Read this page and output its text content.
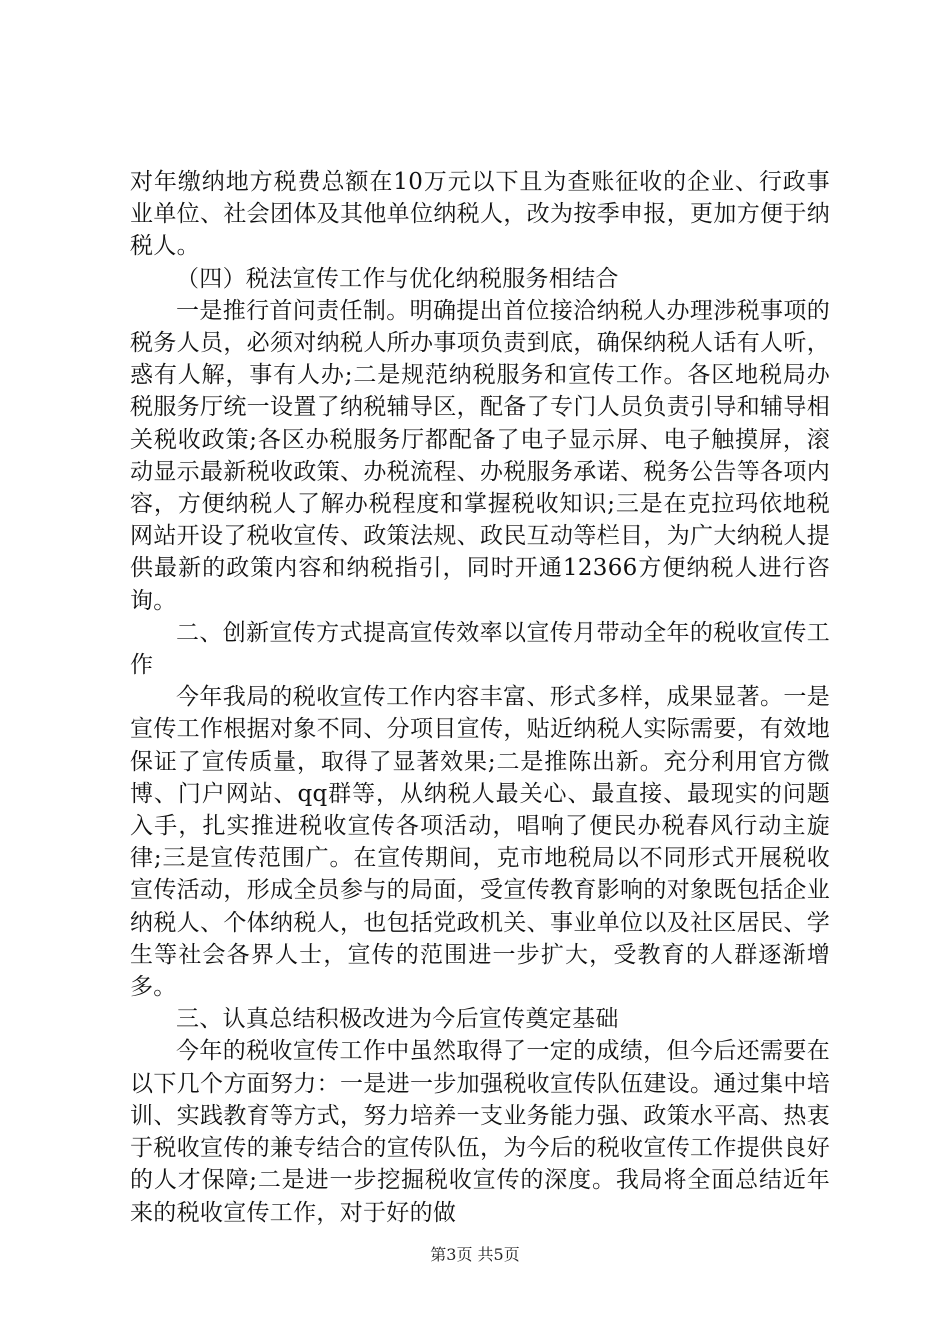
对年缴纳地方税费总额在10万元以下且为查账征收的企业、行政事业单位、社会团体及其他单位纳税人，改为按季申报，更加方便于纳税人。

（四）税法宣传工作与优化纳税服务相结合

一是推行首问责任制。明确提出首位接洽纳税人办理涉税事项的税务人员，必须对纳税人所办事项负责到底，确保纳税人话有人听，惑有人解，事有人办;二是规范纳税服务和宣传工作。各区地税局办税服务厅统一设置了纳税辅导区，配备了专门人员负责引导和辅导相关税收政策;各区办税服务厅都配备了电子显示屏、电子触摸屏，滚动显示最新税收政策、办税流程、办税服务承诺、税务公告等各项内容，方便纳税人了解办税程度和掌握税收知识;三是在克拉玛依地税网站开设了税收宣传、政策法规、政民互动等栏目，为广大纳税人提供最新的政策内容和纳税指引，同时开通12366方便纳税人进行咨询。

二、创新宣传方式提高宣传效率以宣传月带动全年的税收宣传工作

今年我局的税收宣传工作内容丰富、形式多样，成果显著。一是宣传工作根据对象不同、分项目宣传，贴近纳税人实际需要，有效地保证了宣传质量，取得了显著效果;二是推陈出新。充分利用官方微博、门户网站、qq群等，从纳税人最关心、最直接、最现实的问题入手，扎实推进税收宣传各项活动，唱响了便民办税春风行动主旋律;三是宣传范围广。在宣传期间，克市地税局以不同形式开展税收宣传活动，形成全员参与的局面，受宣传教育影响的对象既包括企业纳税人、个体纳税人，也包括党政机关、事业单位以及社区居民、学生等社会各界人士，宣传的范围进一步扩大，受教育的人群逐渐增多。

三、认真总结积极改进为今后宣传奠定基础

今年的税收宣传工作中虽然取得了一定的成绩，但今后还需要在以下几个方面努力：一是进一步加强税收宣传队伍建设。通过集中培训、实践教育等方式，努力培养一支业务能力强、政策水平高、热衷于税收宣传的兼专结合的宣传队伍，为今后的税收宣传工作提供良好的人才保障;二是进一步挖掘税收宣传的深度。我局将全面总结近年来的税收宣传工作，对于好的做

第3页 共5页
